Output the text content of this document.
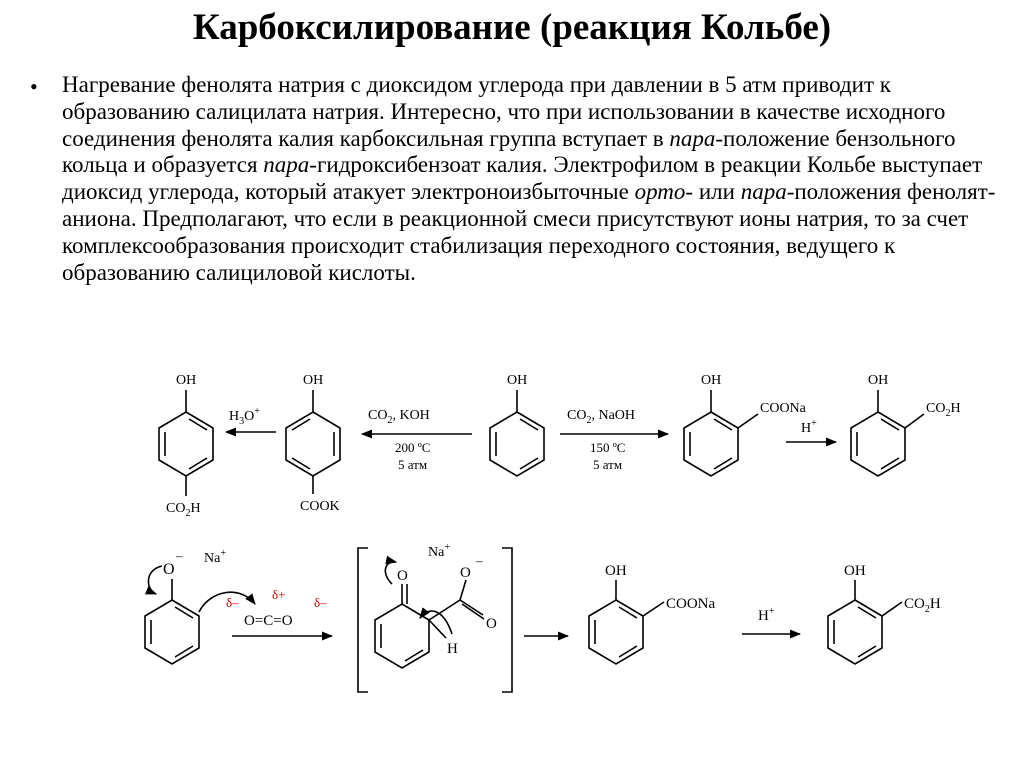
Карбоксилирование (реакция Кольбе)
• Нагревание фенолята натрия с диоксидом углерода при давлении в 5 атм приводит к образованию салицилата натрия. Интересно, что при использовании в качестве исходного соединения фенолята калия карбоксильная группа вступает в пара-положение бензольного кольца и образуется пара-гидроксибензоат калия. Электрофилом в реакции Кольбе выступает диоксид углерода, который атакует электроноизбыточные орто- или пара-положения фенолят-аниона. Предполагают, что если в реакционной смеси присутствуют ионы натрия, то за счет комплексообразования происходит стабилизация переходного состояния, ведущего к образованию салициловой кислоты.

OH
$CO_2H$
$H_3O^+$
OH
COOK
$CO_2$, KOH
200 ºC
5 атм
OH
$CO_2$, NaOH
150 ºC
5 атм
OH
COONa
H+
OH
$CO_2H$
O
– Na+
δ–
δ+
δ–
O=C=O
O	O
–
O
H
Na+
OH
COONa
H+
OH
$CO_2H$
